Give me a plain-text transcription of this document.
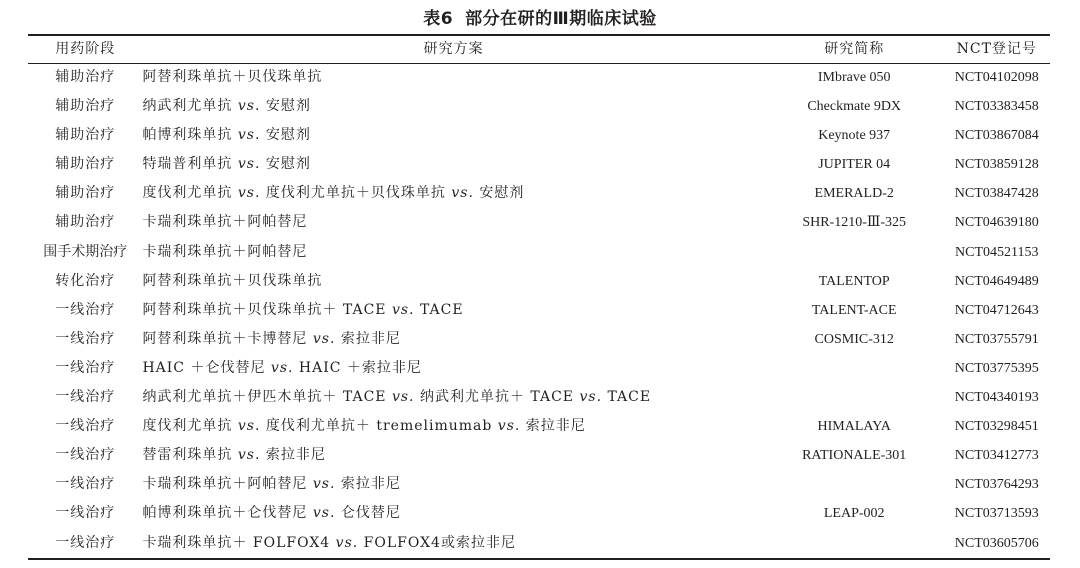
表6 部分在研的Ⅲ期临床试验
用药阶段	研究方案	研究简称	NCT登记号
辅助治疗	阿替利珠单抗＋贝伐珠单抗	IMbrave 050	NCT04102098
辅助治疗	纳武利尤单抗 vs. 安慰剂	Checkmate 9DX	NCT03383458
辅助治疗	帕博利珠单抗 vs. 安慰剂	Keynote 937	NCT03867084
辅助治疗	特瑞普利单抗 vs. 安慰剂	JUPITER 04	NCT03859128
辅助治疗	度伐利尤单抗 vs. 度伐利尤单抗＋贝伐珠单抗 vs. 安慰剂	EMERALD-2	NCT03847428
辅助治疗	卡瑞利珠单抗＋阿帕替尼	SHR-1210-Ⅲ-325	NCT04639180
围手术期治疗	卡瑞利珠单抗＋阿帕替尼		NCT04521153
转化治疗	阿替利珠单抗＋贝伐珠单抗	TALENTOP	NCT04649489
一线治疗	阿替利珠单抗＋贝伐珠单抗＋ TACE vs. TACE	TALENT-ACE	NCT04712643
一线治疗	阿替利珠单抗＋卡博替尼 vs. 索拉非尼	COSMIC-312	NCT03755791
一线治疗	HAIC ＋仑伐替尼 vs. HAIC ＋索拉非尼		NCT03775395
一线治疗	纳武利尤单抗＋伊匹木单抗＋ TACE vs. 纳武利尤单抗＋ TACE vs. TACE		NCT04340193
一线治疗	度伐利尤单抗 vs. 度伐利尤单抗＋ tremelimumab vs. 索拉非尼	HIMALAYA	NCT03298451
一线治疗	替雷利珠单抗 vs. 索拉非尼	RATIONALE-301	NCT03412773
一线治疗	卡瑞利珠单抗＋阿帕替尼 vs. 索拉非尼		NCT03764293
一线治疗	帕博利珠单抗＋仑伐替尼 vs. 仑伐替尼	LEAP-002	NCT03713593
一线治疗	卡瑞利珠单抗＋ FOLFOX4 vs. FOLFOX4或索拉非尼		NCT03605706
